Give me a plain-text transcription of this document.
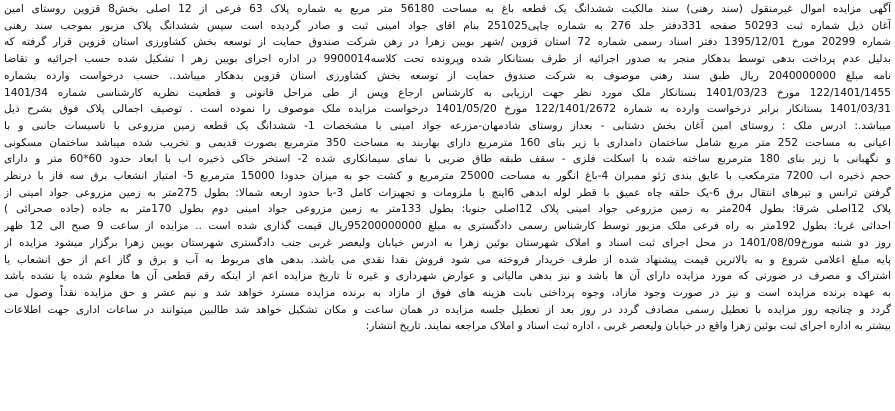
آگهی مزایده اموال غیرمنقول (سند رهنی) سند مالکیت ششدانگ یک قطعه باغ به مساحت 56180 متر مربع به شماره پلاک 63 فرعی از 12 اصلی بخش8 قزوین روستای امین
آغان ذیل شماره ثبت 50293 صفحه 331دفتر جلد 276 به شماره چاپی251025 بنام اقای جواد امینی ثبت و صادر گردیده است سپس ششدانگ پلاک مزبور بموجب سند رهنی
شماره 20299 مورخ 1395/12/01 دفتر اسناد رسمی شماره 72 استان قزوین /شهر بویین زهرا در رهن شرکت صندوق حمایت از توسعه بخش کشاورزی استان قزوین قرار گرفته که
بدلیل عدم پرداخت بدهی توسط بدهکار منجر به صدور اجرائیه از طرف بستانکار شده وپرونده تحت کلاسه9900014 در اداره اجرای بویین زهر ا تشکیل شده حسب اجرائیه و تقاضا
نامه مبلغ 2040000000 ریال طبق سند رهنی موصوف به شرکت صندوق حمایت از توسعه بخش کشاورزی استان قزوین بدهکار میباشد.. حسب درخواست وارده بشماره
122/1401/1455 مورخ 1401/03/23 بستانکار ملک مورد نظر جهت ارزیابی به کارشناس ارجاع وپس از طی مراحل قانونی و قطعیت نظریه کارشناسی شماره 1401/34
1401/03/31 بستانکار برابر درخواست وارده به شماره 122/1401/2672 مورخ 1401/05/20 درخواست مزایده ملک موصوف را نموده است . توصیف اجمالی پلاک فوق بشرح ذیل
میباشد.: ادرس ملک : روستای امین آغان بخش دشتابی - بعداز روستای شادمهان-مزرعه جواد امینی با مشخصات 1- ششدانگ یک قطعه زمین مزروعی با تاسیسات جانبی و با
اعیانی به مساحت 252 متر مربع شامل ساختمان دامداری با زیر بنای 160 مترمربع دارای بهاربند به مساحت 350 مترمربع بصورت قدیمی و تخریب شده میباشد ساختمان مسکونی
و نگهبانی با زیر بنای 180 مترمربع ساخته شده با اسکلت فلزی - سقف طبقه طاق ضربی با نمای سیمانکاری شده 2- استخر خاکی ذخیره اب با ابعاد حدود 60*60 متر و دارای
حجم ذخیره اب 7200 مترمکعب با عایق بندی ژئو ممبران 4-باغ انگور به مساحت 25000 مترمربع و کشت جو به میزان حدودا 15000 مترمربع 5- امتیاز انشعاب برق سه فاز با درنظر
گرفتن ترانس و تیرهای انتقال برق 6-یک حلقه چاه عمیق با قطر لوله ابدهی 6اینچ با ملزومات و تجهیزات کامل 3-با حدود اربعه شمالا: بطول 275متر به زمین مزروعی جواد امینی از
پلاک 12اصلی شرقا: بطول 204متر به زمین مزروعی جواد امینی پلاک 12اصلی جنوبا: بطول 133متر به زمین مزروعی جواد امینی دوم بطول 170متر به جاده (جاده صحرائی )
احداثی غربا: بطول 192متر به راه فرعی ملک مزبور توسط کارشناس رسمی دادگستری به مبلغ 95200000000ریال قیمت گذاری شده است .. مزایده از ساعت 9 صبح الی 12 ظهر
روز دو شنبه مورخ1401/08/09 در محل اجرای ثبت اسناد و املاک شهرستان بوئین زهرا به ادرس خیابان ولیعصر غربی جنب دادگستری شهرستان بویین زهرا برگزار میشود مزایده از
پایه مبلغ اعلامی شروع و به بالاترین قیمت پیشنهاد شده از طرف خریدار فروخته می شود فروش نقدا نقدی می باشد. بدهی های مربوط به آب و برق و گاز اعم از حق انشعاب یا
اشتراک و مصرف در صورتی که مورد مزایده دارای آن ها باشد و نیز بدهی مالیاتی و عوارض شهرداری و غیره تا تاریخ مزایده اعم از اینکه رقم قطعی آن ها معلوم شده یا نشده باشد
به عهده برنده مزایده است و نیز در صورت وجود مازاد، وجوه پرداختی بابت هزینه های فوق از مازاد به برنده مزایده مسترد خواهد شد و نیم عشر و حق مزایده نقداً وصول می
گردد و چنانچه روز مزایده با تعطیل رسمی مصادف گردد در روز بعد از تعطیل جلسه مزایده در همان ساعت و مکان تشکیل خواهد شد طالبین میتوانند در ساعات اداری جهت اطلاعات
بیشتر به اداره اجرای ثبت بوئین زهرا واقع در خیابان ولیعصر غربی ، اداره ثبت اسناد و املاک مراجعه نمایند. تاریخ انتشار:
